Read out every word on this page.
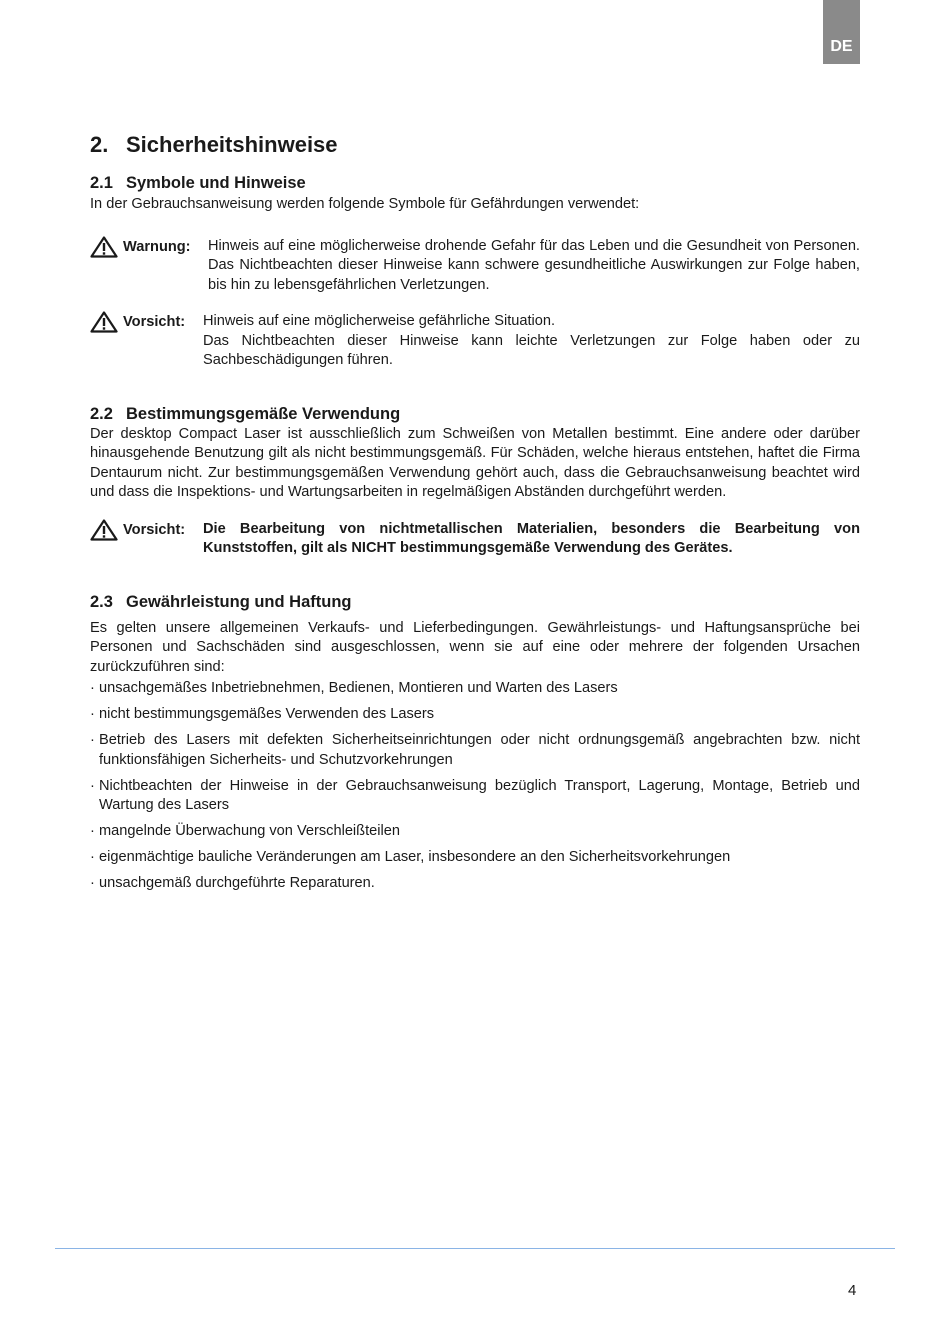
DE
2. Sicherheitshinweise
2.1 Symbole und Hinweise

In der Gebrauchsanweisung werden folgende Symbole für Gefährdungen verwendet:

Warnung: Hinweis auf eine möglicherweise drohende Gefahr für das Leben und die Gesundheit von Personen. Das Nichtbeachten dieser Hinweise kann schwere gesundheitliche Auswirkungen zur Folge haben, bis hin zu lebensgefährlichen Verletzungen.
Vorsicht: Hinweis auf eine möglicherweise gefährliche Situation.
Das Nichtbeachten dieser Hinweise kann leichte Verletzungen zur Folge haben oder zu Sachbeschädigungen führen.
2.2 Bestimmungsgemäße Verwendung

Der desktop Compact Laser ist ausschließlich zum Schweißen von Metallen bestimmt. Eine andere oder darüber hinausgehende Benutzung gilt als nicht bestimmungsgemäß. Für Schäden, welche hieraus entstehen, haftet die Firma Dentaurum nicht. Zur bestimmungsgemäßen Verwendung gehört auch, dass die Gebrauchsanweisung beachtet wird und dass die Inspektions- und Wartungsarbeiten in regelmäßigen Abständen durchgeführt werden.

Vorsicht: Die Bearbeitung von nichtmetallischen Materialien, besonders die Bearbeitung von Kunststoffen, gilt als NICHT bestimmungsgemäße Verwendung des Gerätes.
2.3 Gewährleistung und Haftung

Es gelten unsere allgemeinen Verkaufs- und Lieferbedingungen. Gewährleistungs- und Haftungsansprüche bei Personen und Sachschäden sind ausgeschlossen, wenn sie auf eine oder mehrere der folgenden Ursachen zurückzuführen sind:

· unsachgemäßes Inbetriebnehmen, Bedienen, Montieren und Warten des Lasers
· nicht bestimmungsgemäßes Verwenden des Lasers
· Betrieb des Lasers mit defekten Sicherheitseinrichtungen oder nicht ordnungsgemäß angebrachten bzw. nicht funktionsfähigen Sicherheits- und Schutzvorkehrungen
· Nichtbeachten der Hinweise in der Gebrauchsanweisung bezüglich Transport, Lagerung, Montage, Betrieb und Wartung des Lasers
· mangelnde Überwachung von Verschleißteilen
· eigenmächtige bauliche Veränderungen am Laser, insbesondere an den Sicherheitsvorkehrungen
· unsachgemäß durchgeführte Reparaturen.
4
